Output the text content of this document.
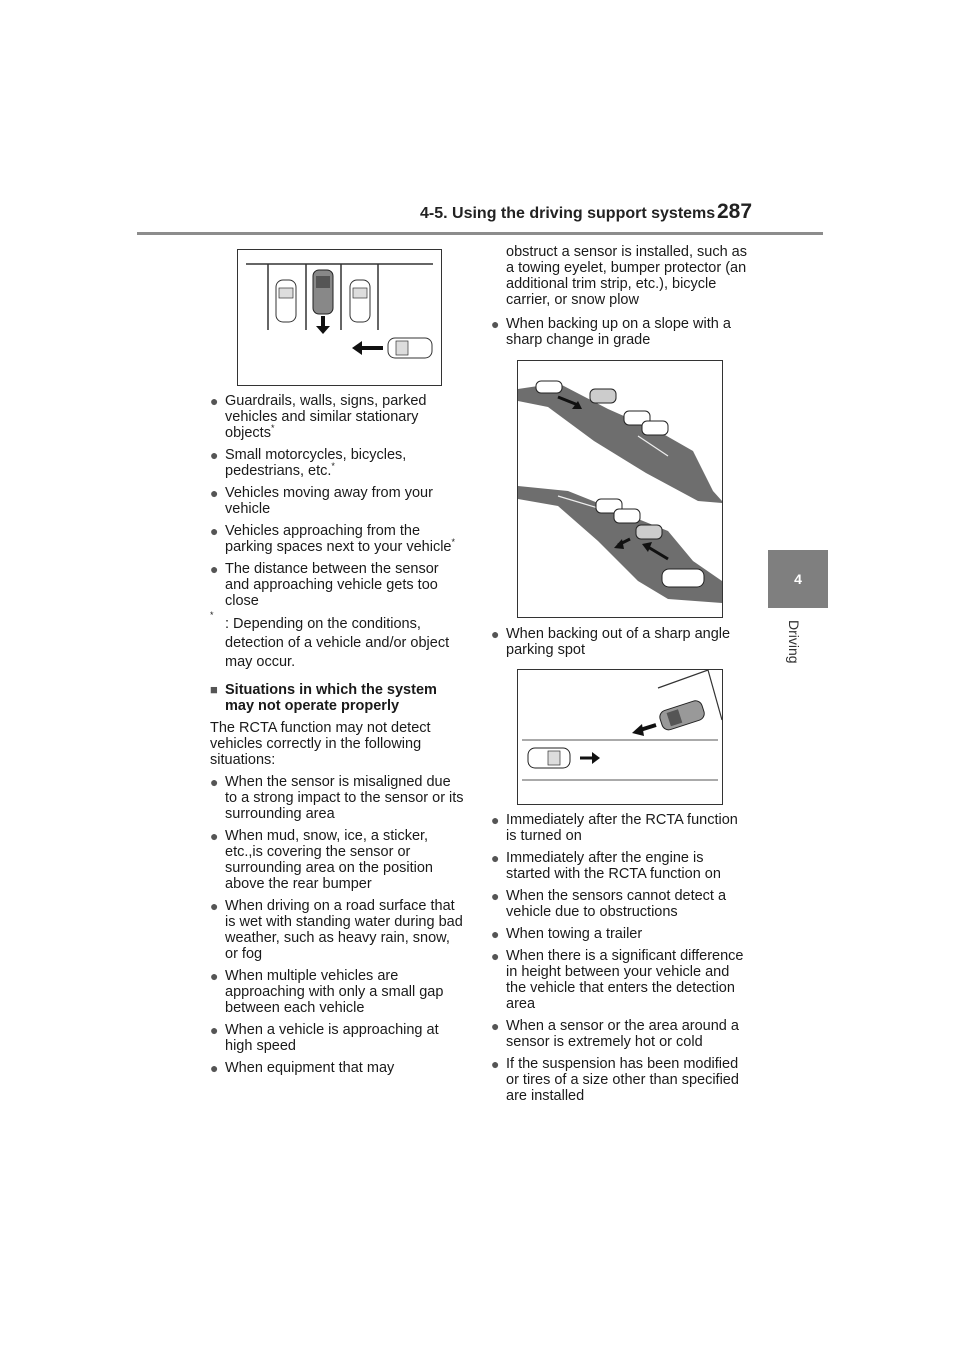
4-5. Using the driving support systems 287
4
Driving
● Guardrails, walls, signs, parked vehicles and similar stationary objects*
● Small motorcycles, bicycles, pedestrians, etc.*
● Vehicles moving away from your vehicle
● Vehicles approaching from the parking spaces next to your vehicle*
● The distance between the sensor and approaching vehicle gets too close
*
: Depending on the conditions, detection of a vehicle and/or object may occur.
■ Situations in which the system may not operate properly
The RCTA function may not detect vehicles correctly in the following situations:
● When the sensor is misaligned due to a strong impact to the sensor or its surrounding area
● When mud, snow, ice, a sticker, etc.,is covering the sensor or surrounding area on the position above the rear bumper
● When driving on a road surface that is wet with standing water during bad weather, such as heavy rain, snow, or fog
● When multiple vehicles are approaching with only a small gap between each vehicle
● When a vehicle is approaching at high speed
● When equipment that may
obstruct a sensor is installed, such as a towing eyelet, bumper protector (an additional trim strip, etc.), bicycle carrier, or snow plow
● When backing up on a slope with a sharp change in grade
● When backing out of a sharp angle parking spot
● Immediately after the RCTA function is turned on
● Immediately after the engine is started with the RCTA function on
● When the sensors cannot detect a vehicle due to obstructions
● When towing a trailer
● When there is a significant difference in height between your vehicle and the vehicle that enters the detection area
● When a sensor or the area around a sensor is extremely hot or cold
● If the suspension has been modified or tires of a size other than specified are installed
